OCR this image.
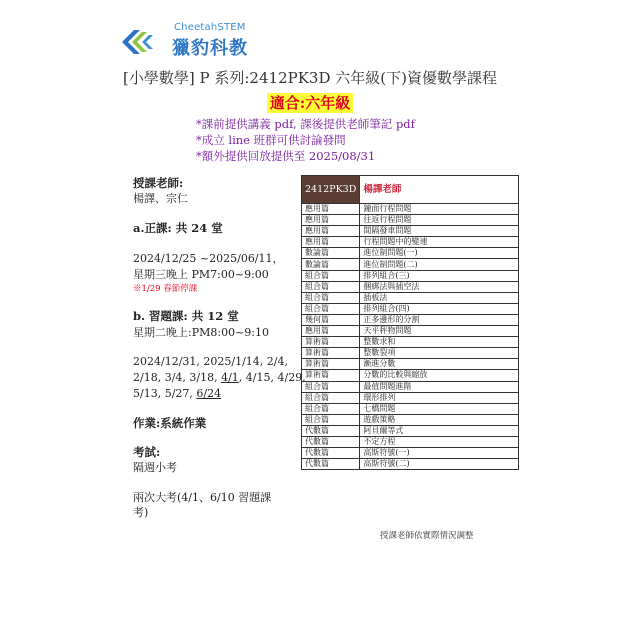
CheetahSTEM
獵豹科教
[小學數學] P 系列:2412PK3D 六年級(下)資優數學課程
適合:六年級
*課前提供講義 pdf, 課後提供老師筆記 pdf
*成立 line 班群可供討論發問
*額外提供回放提供至 2025/08/31
授課老師:
楊譯、宗仁
a.正課: 共 24 堂
2024/12/25 ~2025/06/11，
星期三晚上 PM7:00~9:00
※1/29 春節停課
b. 習題課: 共 12 堂
星期二晚上:PM8:00~9:10
2024/12/31, 2025/1/14, 2/4,
2/18, 3/4, 3/18, 4/1, 4/15, 4/29,
5/13, 5/27, 6/24
作業:系統作業
考試:
隔週小考
兩次大考(4/1、6/10 習題課
考)
2412PK3D	楊譯老師
應用篇	鐘面行程問題
應用篇	往返行程問題
應用篇	間隔發車問題
應用篇	行程問題中的變速
數論篇	進位制問題(一)
數論篇	進位制問題(二)
組合篇	排列組合(三)
組合篇	捆綁法與插空法
組合篇	插板法
組合篇	排列組合(四)
幾何篇	正多邊形的分割
應用篇	天平秤物問題
算術篇	整數求和
算術篇	整數裂項
算術篇	漸進分數
算術篇	分數的比較與縮放
組合篇	最值問題進階
組合篇	環形排列
組合篇	七橋問題
組合篇	遊戲策略
代數篇	阿貝爾等式
代數篇	不定方程
代數篇	高斯符號(一)
代數篇	高斯符號(二)
授課老師依實際情況調整
